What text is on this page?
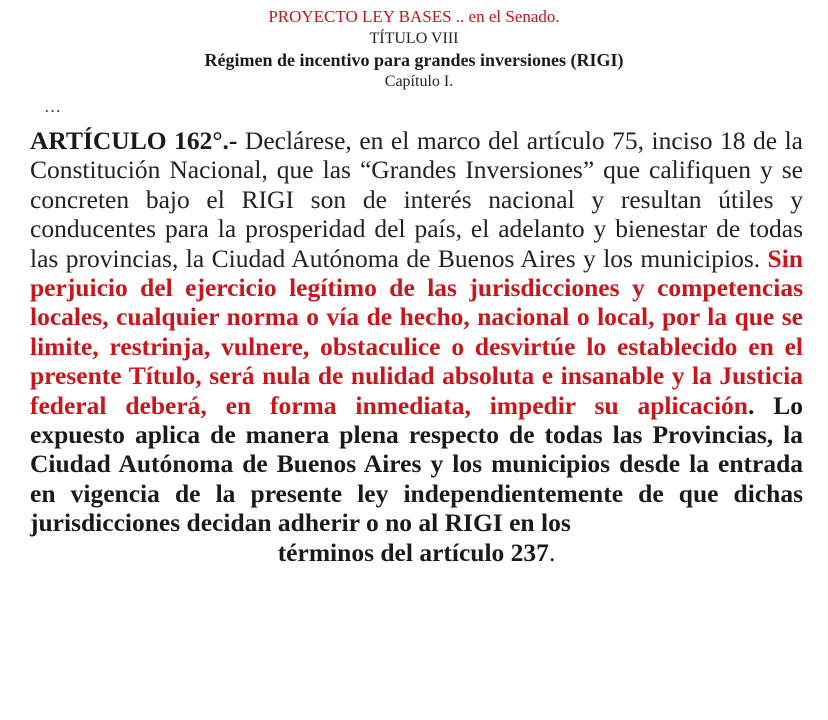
PROYECTO LEY BASES .. en el Senado.
TÍTULO VIII
Régimen de incentivo para grandes inversiones (RIGI)
Capítulo I.
…
ARTÍCULO 162°.- Declárese, en el marco del artículo 75, inciso 18 de la Constitución Nacional, que las “Grandes Inversiones” que califiquen y se concreten bajo el RIGI son de interés nacional y resultan útiles y conducentes para la prosperidad del país, el adelanto y bienestar de todas las provincias, la Ciudad Autónoma de Buenos Aires y los municipios. Sin perjuicio del ejercicio legítimo de las jurisdicciones y competencias locales, cualquier norma o vía de hecho, nacional o local, por la que se limite, restrinja, vulnere, obstaculice o desvirtúe lo establecido en el presente Título, será nula de nulidad absoluta e insanable y la Justicia federal deberá, en forma inmediata, impedir su aplicación. Lo expuesto aplica de manera plena respecto de todas las Provincias, la Ciudad Autónoma de Buenos Aires y los municipios desde la entrada en vigencia de la presente ley independientemente de que dichas jurisdicciones decidan adherir o no al RIGI en los
términos del artículo 237.
